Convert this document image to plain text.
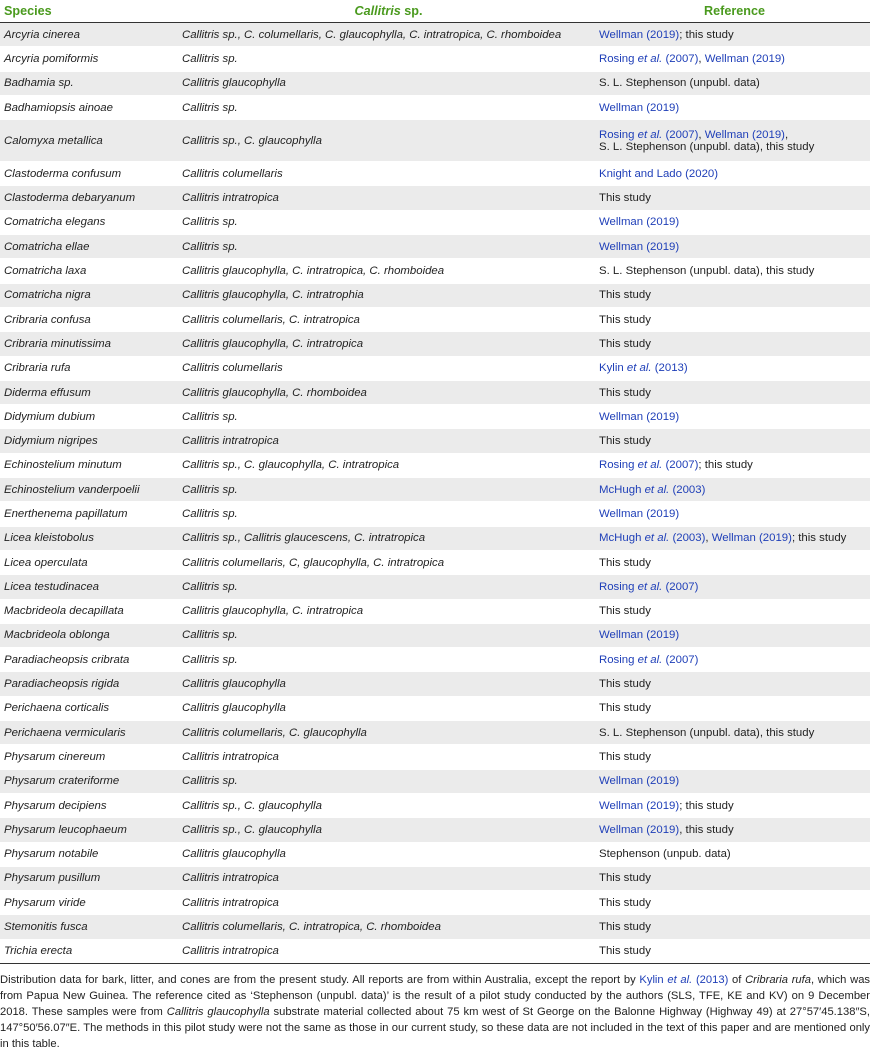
Species	Callitris sp.	Reference
Arcyria cinerea	Callitris sp., C. columellaris, C. glaucophylla, C. intratropica, C. rhomboidea	Wellman (2019); this study
Arcyria pomiformis	Callitris sp.	Rosing et al. (2007), Wellman (2019)
Badhamia sp.	Callitris glaucophylla	S. L. Stephenson (unpubl. data)
Badhamiopsis ainoae	Callitris sp.	Wellman (2019)
Calomyxa metallica	Callitris sp., C. glaucophylla	Rosing et al. (2007), Wellman (2019),
S. L. Stephenson (unpubl. data), this study
Clastoderma confusum	Callitris columellaris	Knight and Lado (2020)
Clastoderma debaryanum	Callitris intratropica	This study
Comatricha elegans	Callitris sp.	Wellman (2019)
Comatricha ellae	Callitris sp.	Wellman (2019)
Comatricha laxa	Callitris glaucophylla, C. intratropica, C. rhomboidea	S. L. Stephenson (unpubl. data), this study
Comatricha nigra	Callitris glaucophylla, C. intratrophia	This study
Cribraria confusa	Callitris columellaris, C. intratropica	This study
Cribraria minutissima	Callitris glaucophylla, C. intratropica	This study
Cribraria rufa	Callitris columellaris	Kylin et al. (2013)
Diderma effusum	Callitris glaucophylla, C. rhomboidea	This study
Didymium dubium	Callitris sp.	Wellman (2019)
Didymium nigripes	Callitris intratropica	This study
Echinostelium minutum	Callitris sp., C. glaucophylla, C. intratropica	Rosing et al. (2007); this study
Echinostelium vanderpoelii	Callitris sp.	McHugh et al. (2003)
Enerthenema papillatum	Callitris sp.	Wellman (2019)
Licea kleistobolus	Callitris sp., Callitris glaucescens, C. intratropica	McHugh et al. (2003), Wellman (2019); this study
Licea operculata	Callitris columellaris, C, glaucophylla, C. intratropica	This study
Licea testudinacea	Callitris sp.	Rosing et al. (2007)
Macbrideola decapillata	Callitris glaucophylla, C. intratropica	This study
Macbrideola oblonga	Callitris sp.	Wellman (2019)
Paradiacheopsis cribrata	Callitris sp.	Rosing et al. (2007)
Paradiacheopsis rigida	Callitris glaucophylla	This study
Perichaena corticalis	Callitris glaucophylla	This study
Perichaena vermicularis	Callitris columellaris, C. glaucophylla	S. L. Stephenson (unpubl. data), this study
Physarum cinereum	Callitris intratropica	This study
Physarum crateriforme	Callitris sp.	Wellman (2019)
Physarum decipiens	Callitris sp., C. glaucophylla	Wellman (2019); this study
Physarum leucophaeum	Callitris sp., C. glaucophylla	Wellman (2019), this study
Physarum notabile	Callitris glaucophylla	Stephenson (unpub. data)
Physarum pusillum	Callitris intratropica	This study
Physarum viride	Callitris intratropica	This study
Stemonitis fusca	Callitris columellaris, C. intratropica, C. rhomboidea	This study
Trichia erecta	Callitris intratropica	This study
Distribution data for bark, litter, and cones are from the present study. All reports are from within Australia, except the report by Kylin et al. (2013) of Cribraria rufa, which was from Papua New Guinea. The reference cited as ‘Stephenson (unpubl. data)’ is the result of a pilot study conducted by the authors (SLS, TFE, KE and KV) on 9 December 2018. These samples were from Callitris glaucophylla substrate material collected about 75 km west of St George on the Balonne Highway (Highway 49) at 27°57′45.138″S, 147°50′56.07″E. The methods in this pilot study were not the same as those in our current study, so these data are not included in the text of this paper and are mentioned only in this table.
